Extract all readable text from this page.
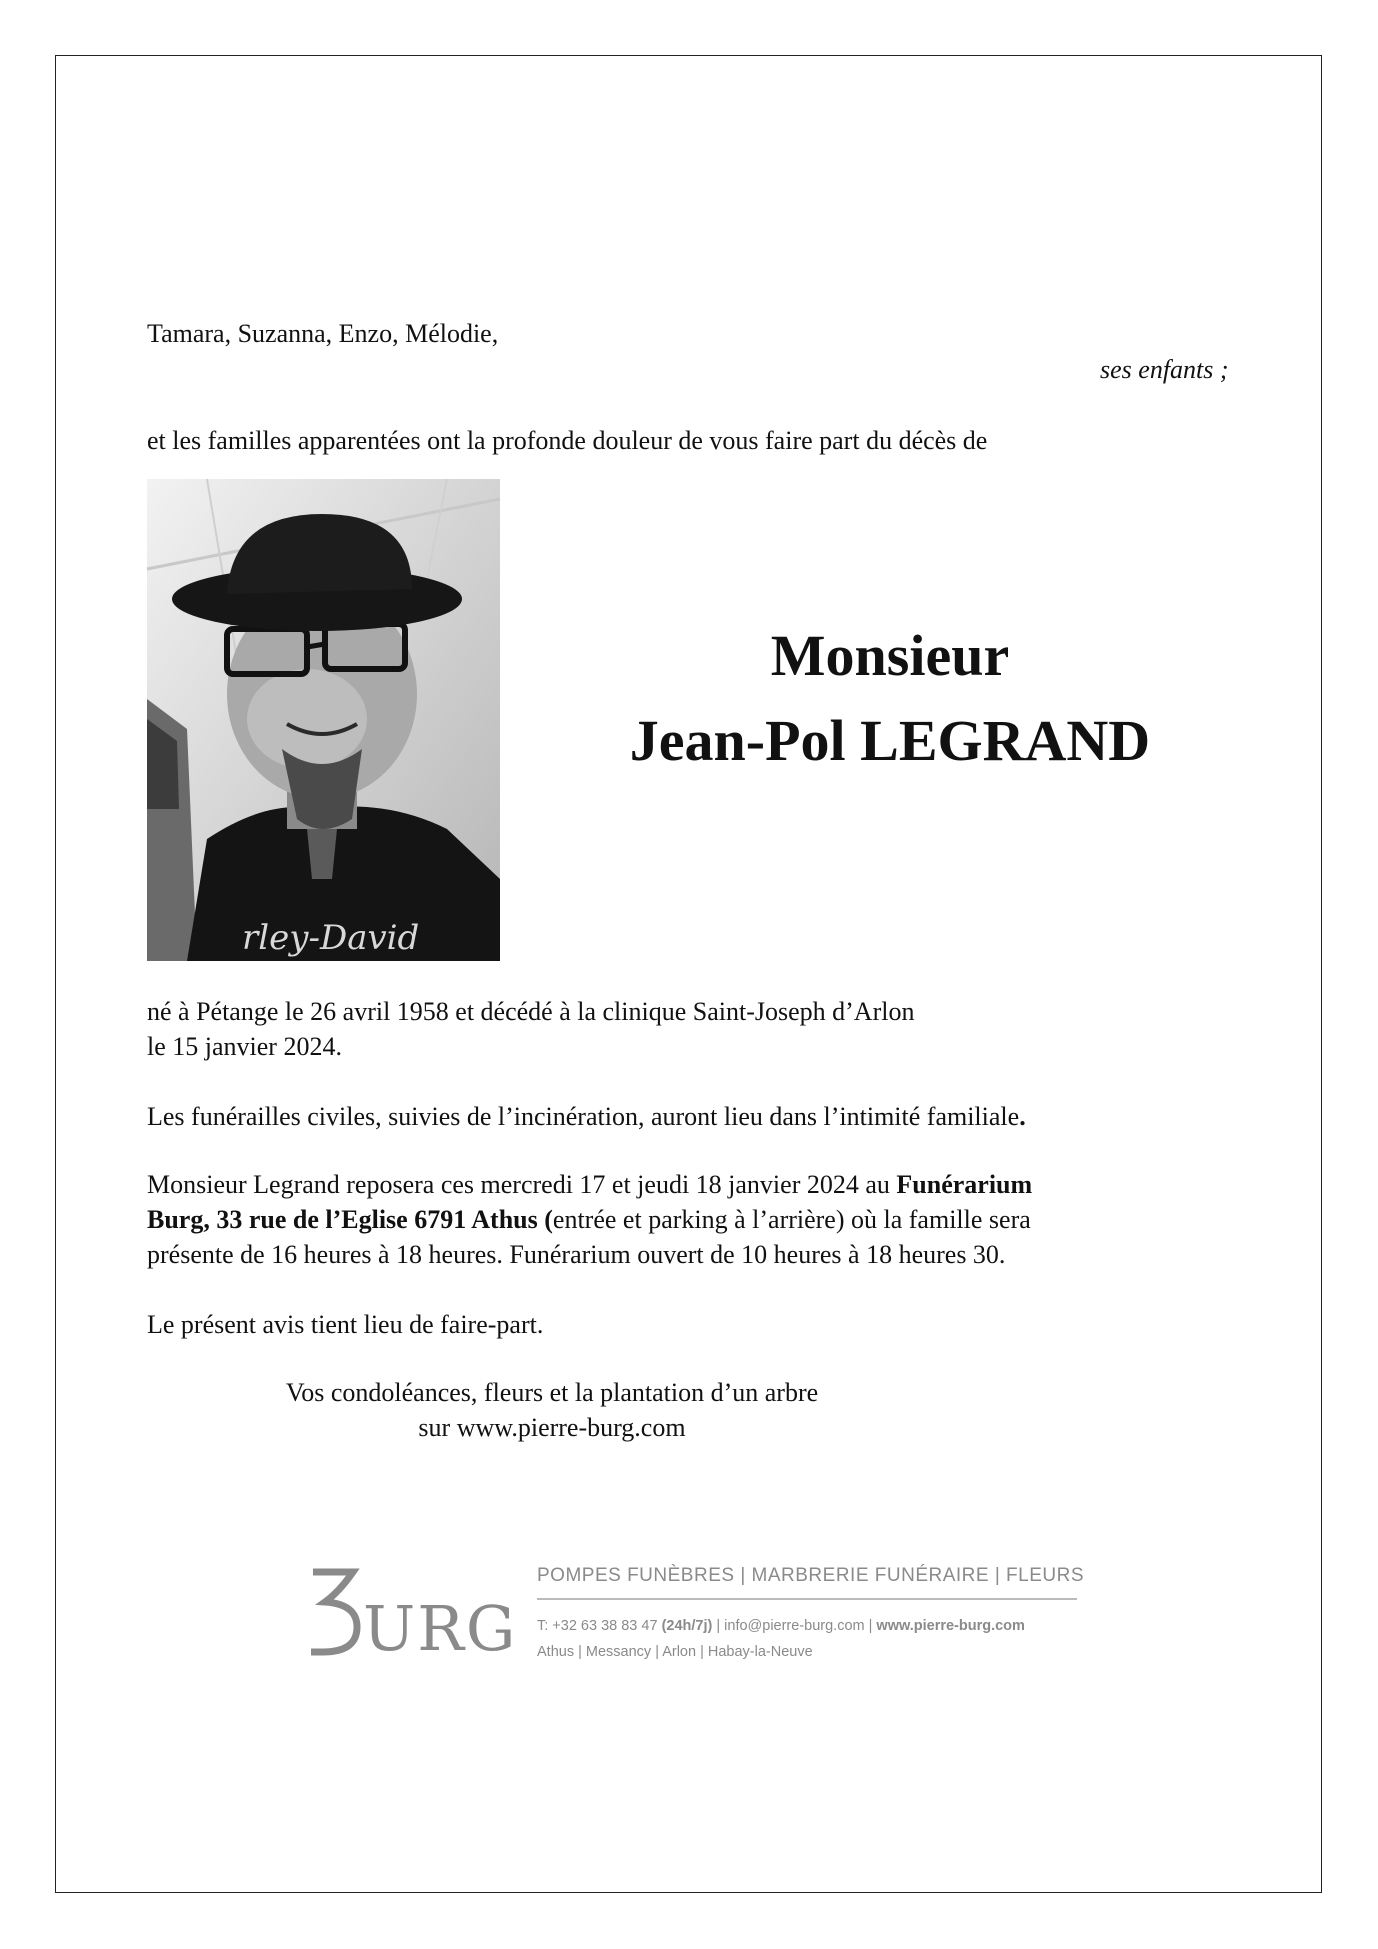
Tamara, Suzanna, Enzo, Mélodie,
ses enfants ;
et les familles apparentées ont la profonde douleur de vous faire part du décès de
rley-David
Monsieur
Jean-Pol LEGRAND
né à Pétange le 26 avril 1958 et décédé à la clinique Saint-Joseph d’Arlon
le 15 janvier 2024.
Les funérailles civiles, suivies de l’incinération, auront lieu dans l’intimité familiale.
Monsieur Legrand reposera ces mercredi 17 et jeudi 18 janvier 2024 au Funérarium
Burg, 33 rue de l’Eglise 6791 Athus (entrée et parking à l’arrière) où la famille sera
présente de 16 heures à 18 heures. Funérarium ouvert de 10 heures à 18 heures 30.
Le présent avis tient lieu de faire-part.
Vos condoléances, fleurs et la plantation d’un arbre
sur www.pierre-burg.com
URG
POMPES FUNÈBRES | MARBRERIE FUNÉRAIRE | FLEURS
T: +32 63 38 83 47 (24h/7j) | info@pierre-burg.com | www.pierre-burg.com
Athus | Messancy | Arlon | Habay-la-Neuve
